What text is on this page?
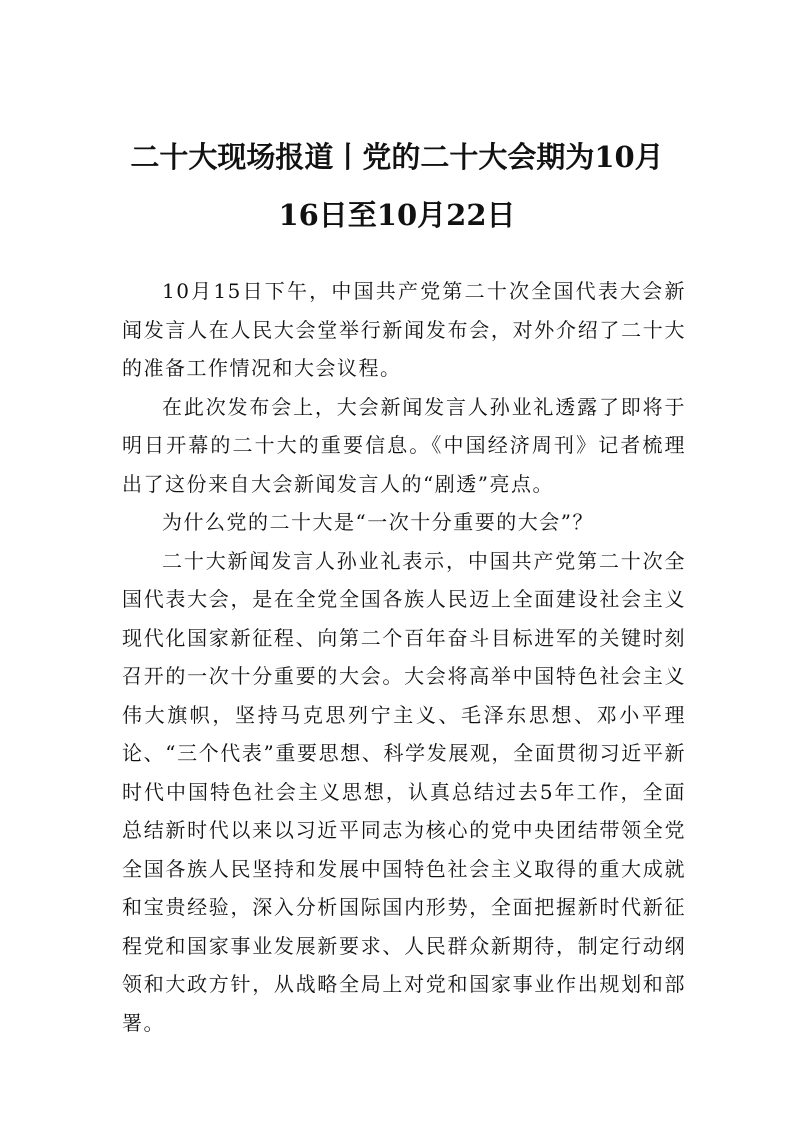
二十大现场报道丨党的二十大会期为10月
16日至10月22日

10月15日下午，中国共产党第二十次全国代表大会新闻发言人在人民大会堂举行新闻发布会，对外介绍了二十大的准备工作情况和大会议程。

在此次发布会上，大会新闻发言人孙业礼透露了即将于明日开幕的二十大的重要信息。《中国经济周刊》记者梳理出了这份来自大会新闻发言人的“剧透”亮点。

为什么党的二十大是“一次十分重要的大会”？

二十大新闻发言人孙业礼表示，中国共产党第二十次全国代表大会，是在全党全国各族人民迈上全面建设社会主义现代化国家新征程、向第二个百年奋斗目标进军的关键时刻召开的一次十分重要的大会。大会将高举中国特色社会主义伟大旗帜，坚持马克思列宁主义、毛泽东思想、邓小平理论、“三个代表”重要思想、科学发展观，全面贯彻习近平新时代中国特色社会主义思想，认真总结过去5年工作，全面总结新时代以来以习近平同志为核心的党中央团结带领全党全国各族人民坚持和发展中国特色社会主义取得的重大成就和宝贵经验，深入分析国际国内形势，全面把握新时代新征程党和国家事业发展新要求、人民群众新期待，制定行动纲领和大政方针，从战略全局上对党和国家事业作出规划和部署。
